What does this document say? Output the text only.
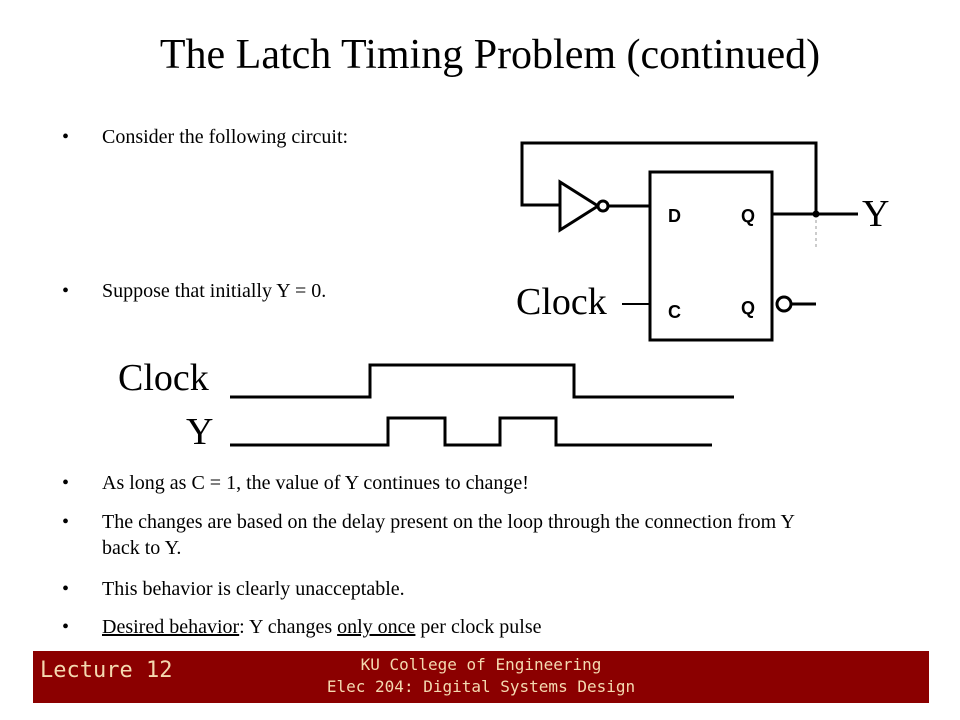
The Latch Timing Problem (continued)
• Consider the following circuit:
• Suppose that initially Y = 0.
• As long as C = 1, the value of Y continues to change!
• The changes are based on the delay present on the loop through the connection from Y back to Y.
• This behavior is clearly unacceptable.
• Desired behavior: Y changes only once per clock pulse
D	Q
C	Q
Y
Clock
Clock
Y
Lecture 12	KU College of Engineering
Elec 204: Digital Systems Design
